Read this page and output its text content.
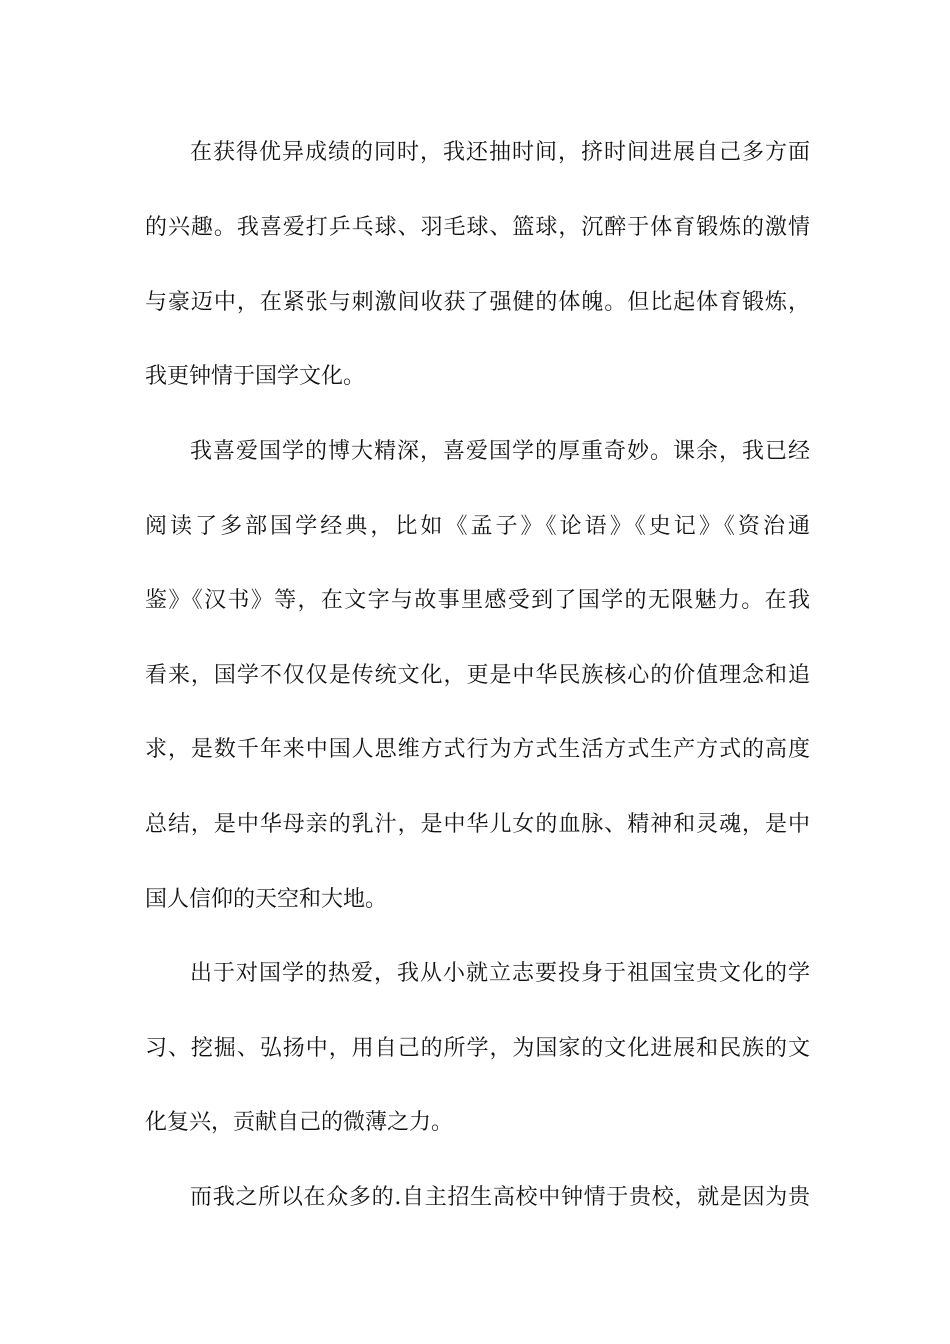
在获得优异成绩的同时，我还抽时间，挤时间进展自己多方面

的兴趣。我喜爱打乒乓球、羽毛球、篮球，沉醉于体育锻炼的激情

与豪迈中，在紧张与刺激间收获了强健的体魄。但比起体育锻炼，

我更钟情于国学文化。

我喜爱国学的博大精深，喜爱国学的厚重奇妙。课余，我已经

阅读了多部国学经典，比如《孟子》《论语》《史记》《资治通

鉴》《汉书》等，在文字与故事里感受到了国学的无限魅力。在我

看来，国学不仅仅是传统文化，更是中华民族核心的价值理念和追

求，是数千年来中国人思维方式行为方式生活方式生产方式的高度

总结，是中华母亲的乳汁，是中华儿女的血脉、精神和灵魂，是中

国人信仰的天空和大地。

出于对国学的热爱，我从小就立志要投身于祖国宝贵文化的学

习、挖掘、弘扬中，用自己的所学，为国家的文化进展和民族的文

化复兴，贡献自己的微薄之力。

而我之所以在众多的.自主招生高校中钟情于贵校，就是因为贵
